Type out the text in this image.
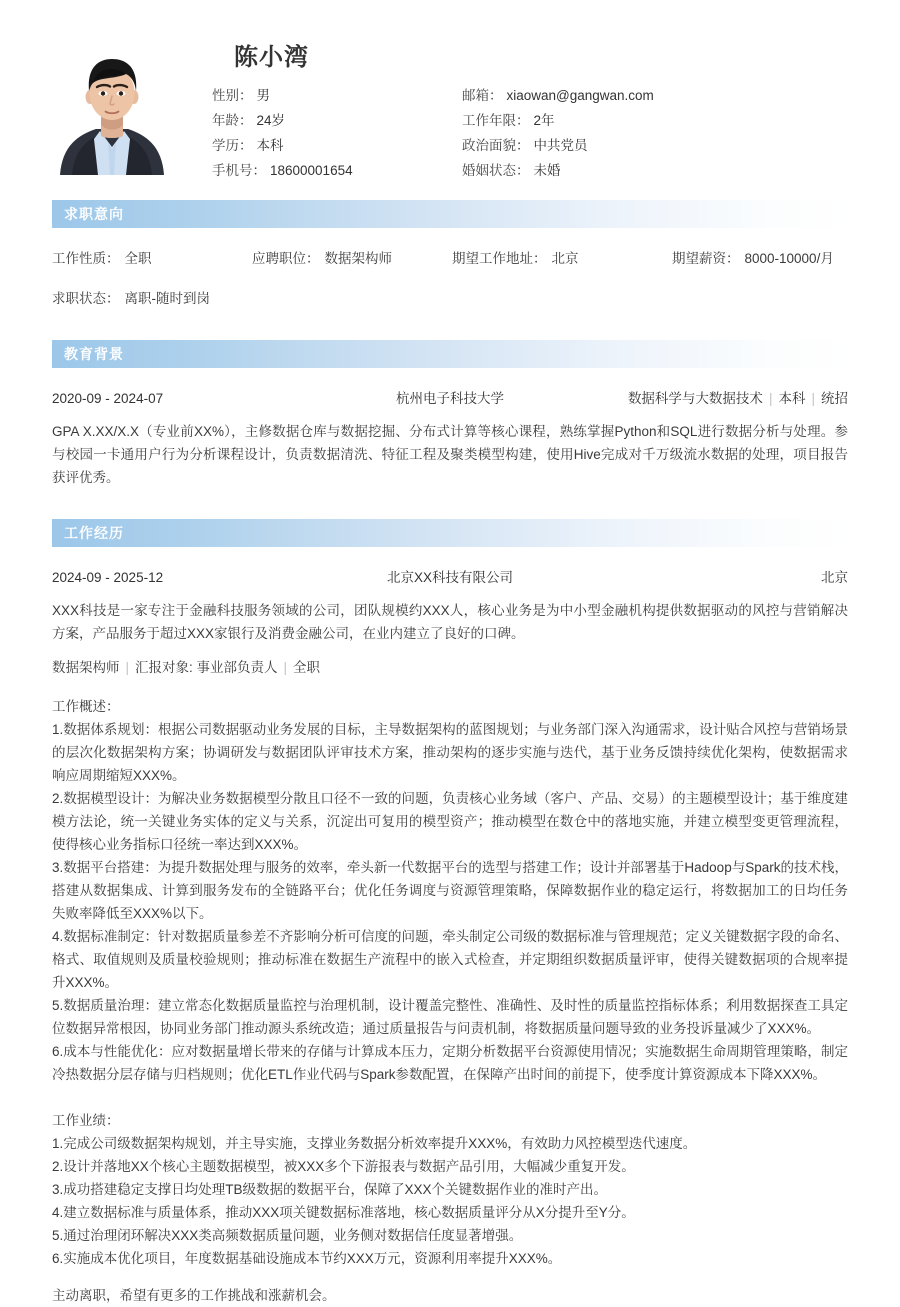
陈小湾
性别： 男	邮箱： xiaowan@gangwan.com
年龄： 24岁	工作年限： 2年
学历： 本科	政治面貌： 中共党员
手机号： 18600001654	婚姻状态： 未婚
求职意向
工作性质： 全职	应聘职位： 数据架构师	期望工作地址： 北京	期望薪资： 8000-10000/月
求职状态： 离职-随时到岗
教育背景
2020-09 - 2024-07	杭州电子科技大学	数据科学与大数据技术 | 本科 | 统招
GPA X.XX/X.X（专业前XX%），主修数据仓库与数据挖掘、分布式计算等核心课程，熟练掌握Python和SQL进行数据分析与处理。参与校园一卡通用户行为分析课程设计，负责数据清洗、特征工程及聚类模型构建，使用Hive完成对千万级流水数据的处理，项目报告获评优秀。
工作经历
2024-09 - 2025-12	北京XX科技有限公司	北京
XXX科技是一家专注于金融科技服务领域的公司，团队规模约XXX人，核心业务是为中小型金融机构提供数据驱动的风控与营销解决方案，产品服务于超过XXX家银行及消费金融公司，在业内建立了良好的口碑。
数据架构师 | 汇报对象: 事业部负责人 | 全职
工作概述：
1.数据体系规划：根据公司数据驱动业务发展的目标，主导数据架构的蓝图规划；与业务部门深入沟通需求，设计贴合风控与营销场景的层次化数据架构方案；协调研发与数据团队评审技术方案，推动架构的逐步实施与迭代，基于业务反馈持续优化架构，使数据需求响应周期缩短XXX%。
2.数据模型设计：为解决业务数据模型分散且口径不一致的问题，负责核心业务域（客户、产品、交易）的主题模型设计；基于维度建模方法论，统一关键业务实体的定义与关系，沉淀出可复用的模型资产；推动模型在数仓中的落地实施，并建立模型变更管理流程，使得核心业务指标口径统一率达到XXX%。
3.数据平台搭建：为提升数据处理与服务的效率，牵头新一代数据平台的选型与搭建工作；设计并部署基于Hadoop与Spark的技术栈，搭建从数据集成、计算到服务发布的全链路平台；优化任务调度与资源管理策略，保障数据作业的稳定运行，将数据加工的日均任务失败率降低至XXX%以下。
4.数据标准制定：针对数据质量参差不齐影响分析可信度的问题，牵头制定公司级的数据标准与管理规范；定义关键数据字段的命名、格式、取值规则及质量校验规则；推动标准在数据生产流程中的嵌入式检查，并定期组织数据质量评审，使得关键数据项的合规率提升XXX%。
5.数据质量治理：建立常态化数据质量监控与治理机制，设计覆盖完整性、准确性、及时性的质量监控指标体系；利用数据探查工具定位数据异常根因，协同业务部门推动源头系统改造；通过质量报告与问责机制，将数据质量问题导致的业务投诉量减少了XXX%。
6.成本与性能优化：应对数据量增长带来的存储与计算成本压力，定期分析数据平台资源使用情况；实施数据生命周期管理策略，制定冷热数据分层存储与归档规则；优化ETL作业代码与Spark参数配置，在保障产出时间的前提下，使季度计算资源成本下降XXX%。
工作业绩：
1.完成公司级数据架构规划，并主导实施，支撑业务数据分析效率提升XXX%，有效助力风控模型迭代速度。
2.设计并落地XX个核心主题数据模型，被XXX多个下游报表与数据产品引用，大幅减少重复开发。
3.成功搭建稳定支撑日均处理TB级数据的数据平台，保障了XXX个关键数据作业的准时产出。
4.建立数据标准与质量体系，推动XXX项关键数据标准落地，核心数据质量评分从X分提升至Y分。
5.通过治理闭环解决XXX类高频数据质量问题，业务侧对数据信任度显著增强。
6.实施成本优化项目，年度数据基础设施成本节约XXX万元，资源利用率提升XXX%。
主动离职，希望有更多的工作挑战和涨薪机会。
